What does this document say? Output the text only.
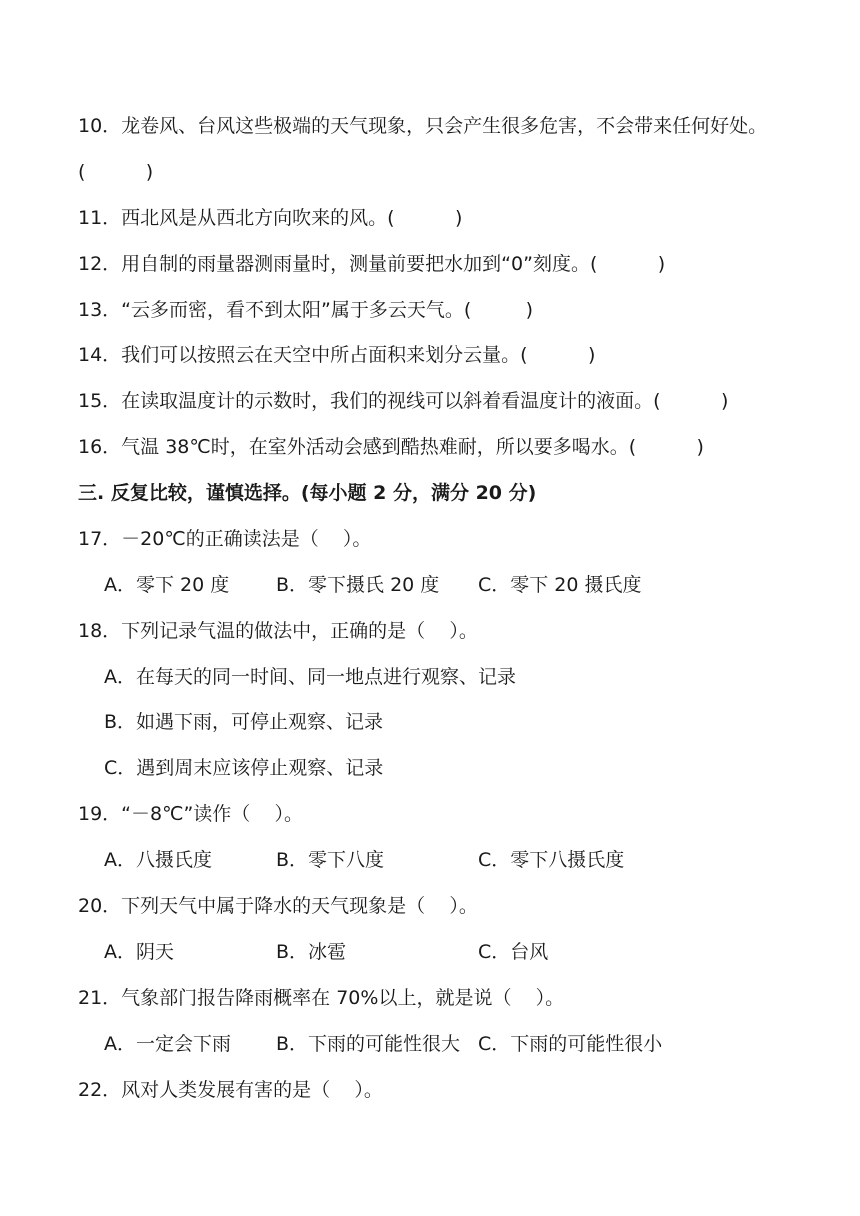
10．龙卷风、台风这些极端的天气现象，只会产生很多危害，不会带来任何好处。
(          )
11．西北风是从西北方向吹来的风。(          )
12．用自制的雨量器测雨量时，测量前要把水加到“0”刻度。(          )
13．“云多而密，看不到太阳”属于多云天气。(         )
14．我们可以按照云在天空中所占面积来划分云量。(          )
15．在读取温度计的示数时，我们的视线可以斜着看温度计的液面。(          )
16．气温 38℃时，在室外活动会感到酷热难耐，所以要多喝水。(          )
三. 反复比较，谨慎选择。(每小题 2 分，满分 20 分)
17．－20℃的正确读法是（    ）。
A．零下 20 度 B．零下摄氏 20 度 C．零下 20 摄氏度
18．下列记录气温的做法中，正确的是（    ）。
A．在每天的同一时间、同一地点进行观察、记录
B．如遇下雨，可停止观察、记录
C．遇到周末应该停止观察、记录
19．“－8℃”读作（    ）。
A．八摄氏度	B．零下八度	C．零下八摄氏度
20．下列天气中属于降水的天气现象是（    ）。
A．阴天	B．冰雹	C．台风
21．气象部门报告降雨概率在 70%以上，就是说（    ）。
A．一定会下雨 B．下雨的可能性很大 C．下雨的可能性很小
22．风对人类发展有害的是（    ）。
